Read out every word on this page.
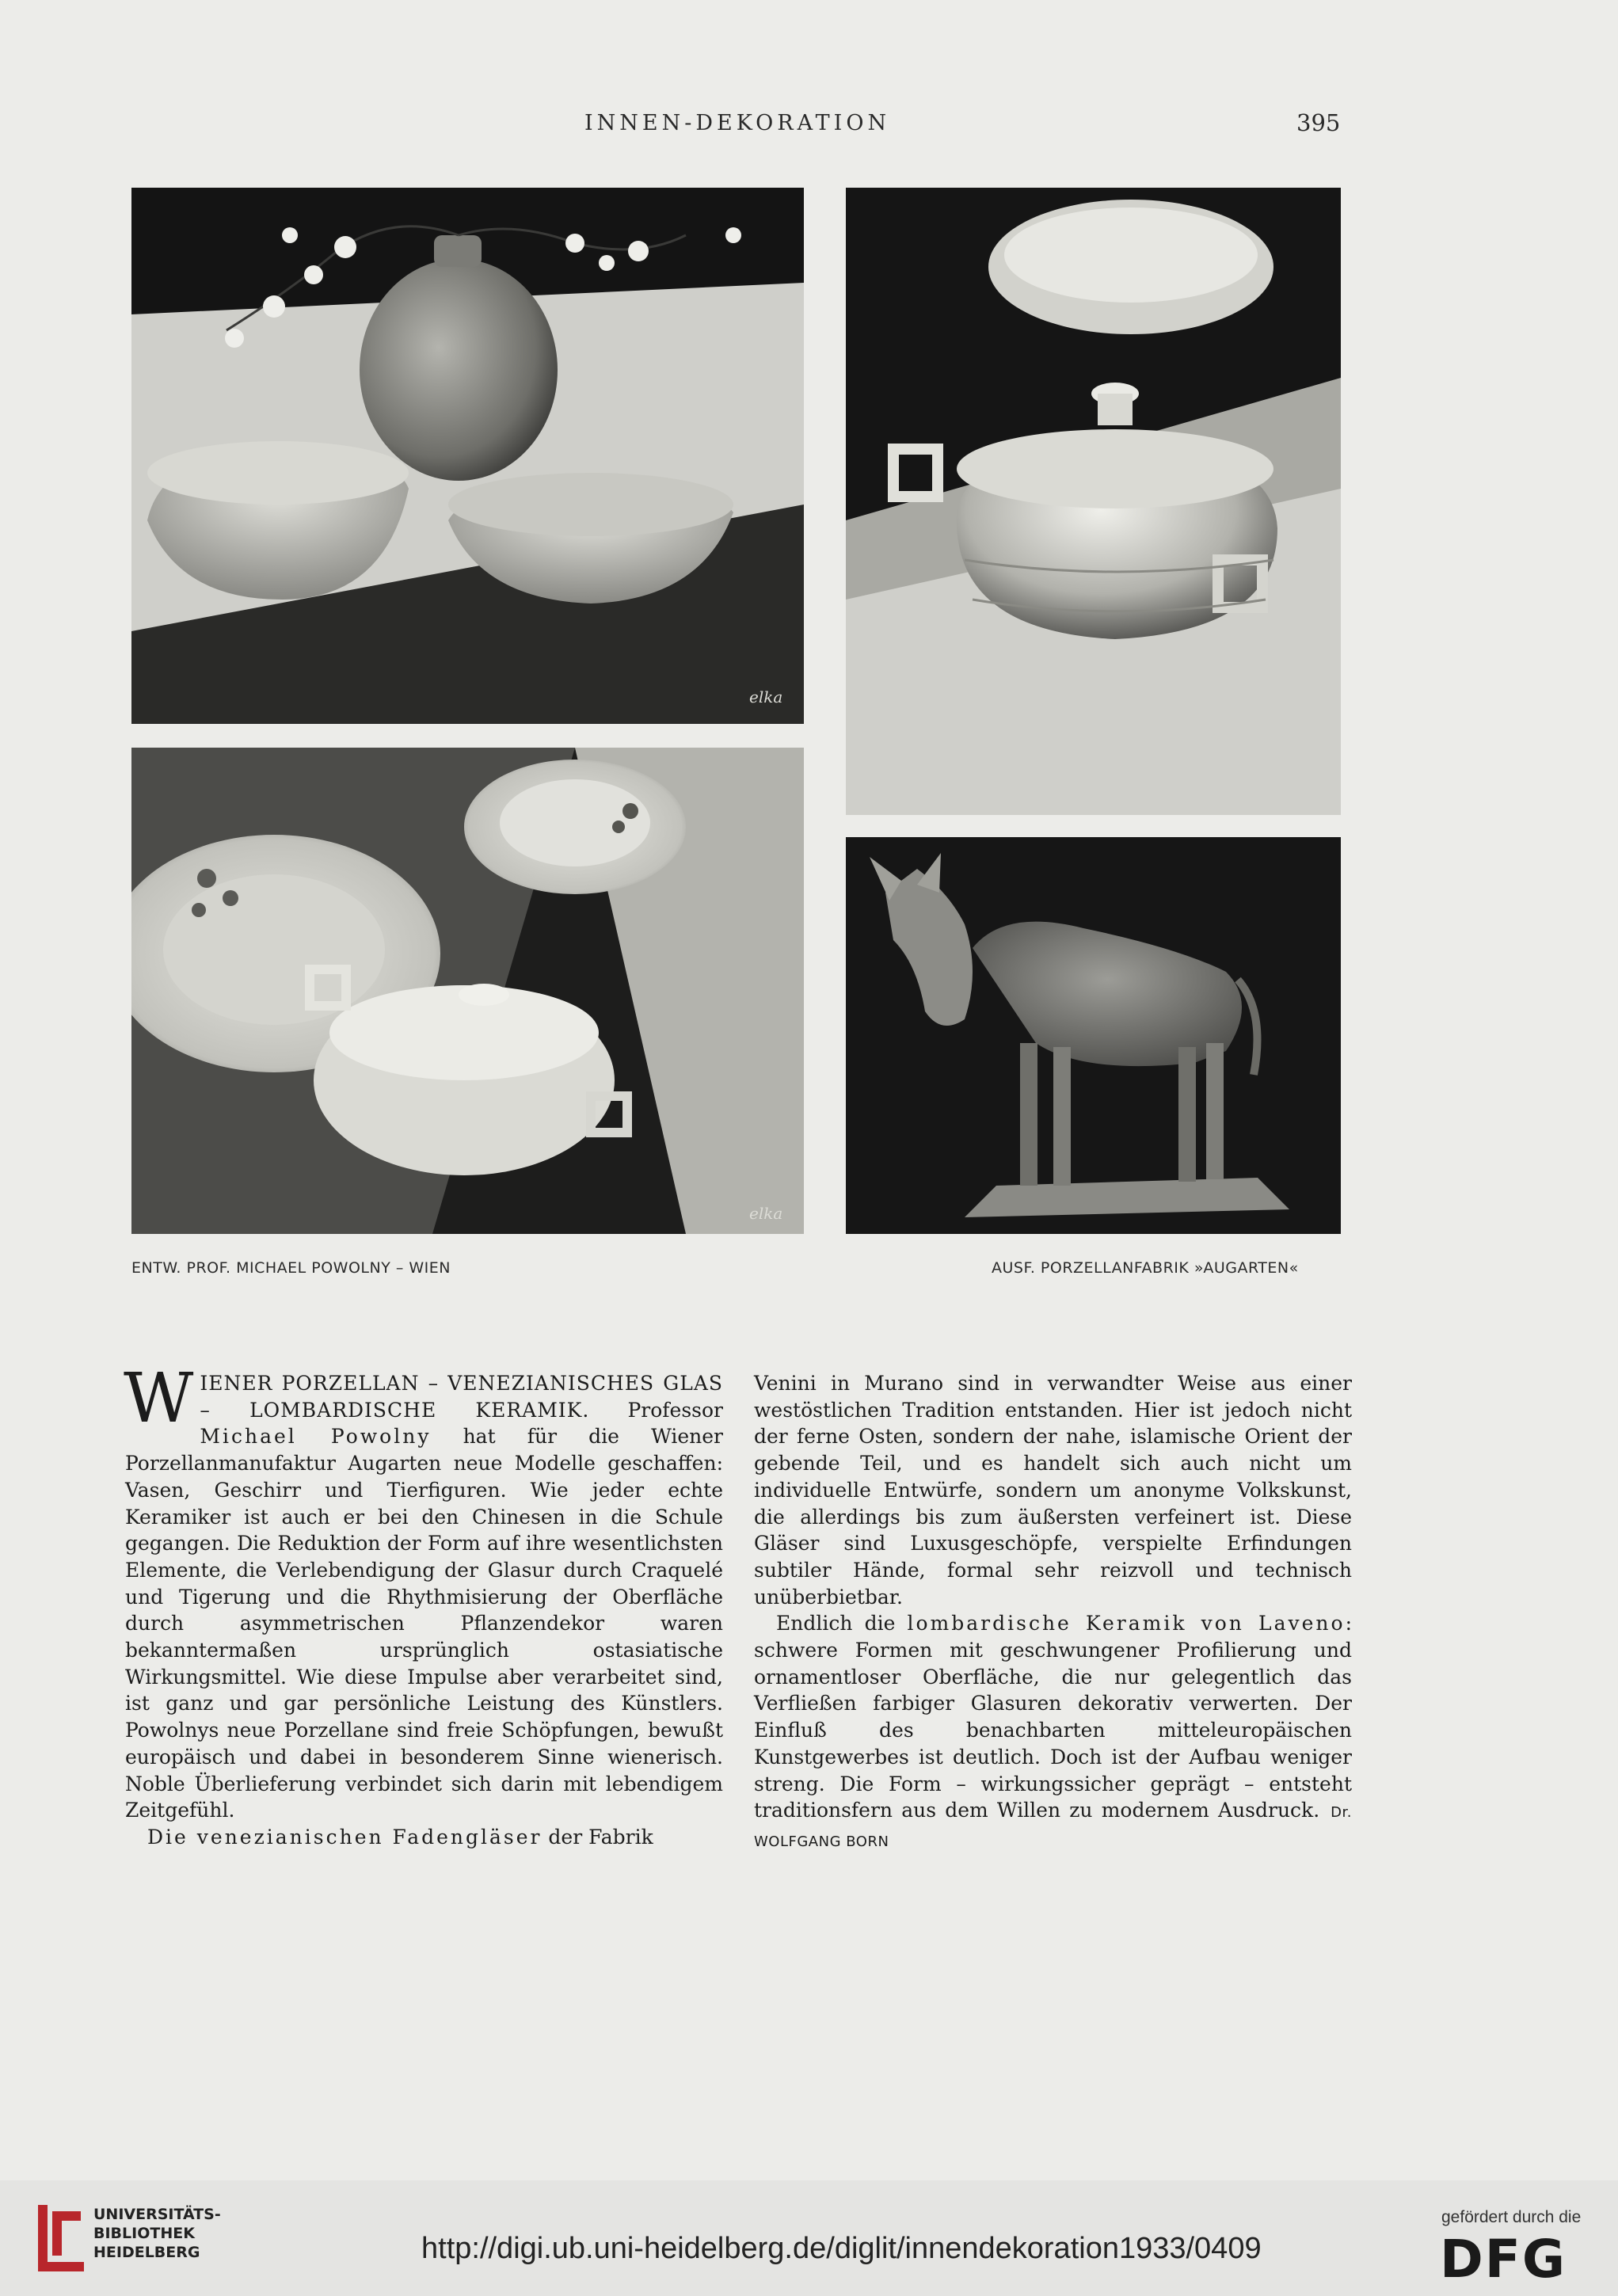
INNEN-DEKORATION	395
elka
elka
ENTW. PROF. MICHAEL POWOLNY – WIEN	AUSF. PORZELLANFABRIK »AUGARTEN«

WIENER PORZELLAN – VENEZIANISCHES GLAS – LOMBARDISCHE KERAMIK. Professor Michael Powolny hat für die Wiener Porzellanmanufaktur Augarten neue Modelle geschaffen: Vasen, Geschirr und Tierfiguren. Wie jeder echte Keramiker ist auch er bei den Chinesen in die Schule gegangen. Die Reduktion der Form auf ihre wesentlichsten Elemente, die Verlebendigung der Glasur durch Craquelé und Tigerung und die Rhythmisierung der Oberfläche durch asymmetrischen Pflanzendekor waren bekanntermaßen ursprünglich ostasiatische Wirkungsmittel. Wie diese Impulse aber verarbeitet sind, ist ganz und gar persönliche Leistung des Künstlers. Powolnys neue Porzellane sind freie Schöpfungen, bewußt europäisch und dabei in besonderem Sinne wienerisch. Noble Überlieferung verbindet sich darin mit lebendigem Zeitgefühl.

Die venezianischen Fadengläser der Fabrik

Venini in Murano sind in verwandter Weise aus einer westöstlichen Tradition entstanden. Hier ist jedoch nicht der ferne Osten, sondern der nahe, islamische Orient der gebende Teil, und es handelt sich auch nicht um individuelle Entwürfe, sondern um anonyme Volkskunst, die allerdings bis zum äußersten verfeinert ist. Diese Gläser sind Luxusgeschöpfe, verspielte Erfindungen subtiler Hände, formal sehr reizvoll und technisch unüberbietbar.

Endlich die lombardische Keramik von Laveno: schwere Formen mit geschwungener Profilierung und ornamentloser Oberfläche, die nur gelegentlich das Verfließen farbiger Glasuren dekorativ verwerten. Der Einfluß des benachbarten mitteleuropäischen Kunstgewerbes ist deutlich. Doch ist der Aufbau weniger streng. Die Form – wirkungssicher geprägt – entsteht traditionsfern aus dem Willen zu modernem Ausdruck. Dr. WOLFGANG BORN

UNIVERSITÄTS-
BIBLIOTHEK
HEIDELBERG	http://digi.ub.uni-heidelberg.de/diglit/innendekoration1933/0409
gefördert durch die
DFG
